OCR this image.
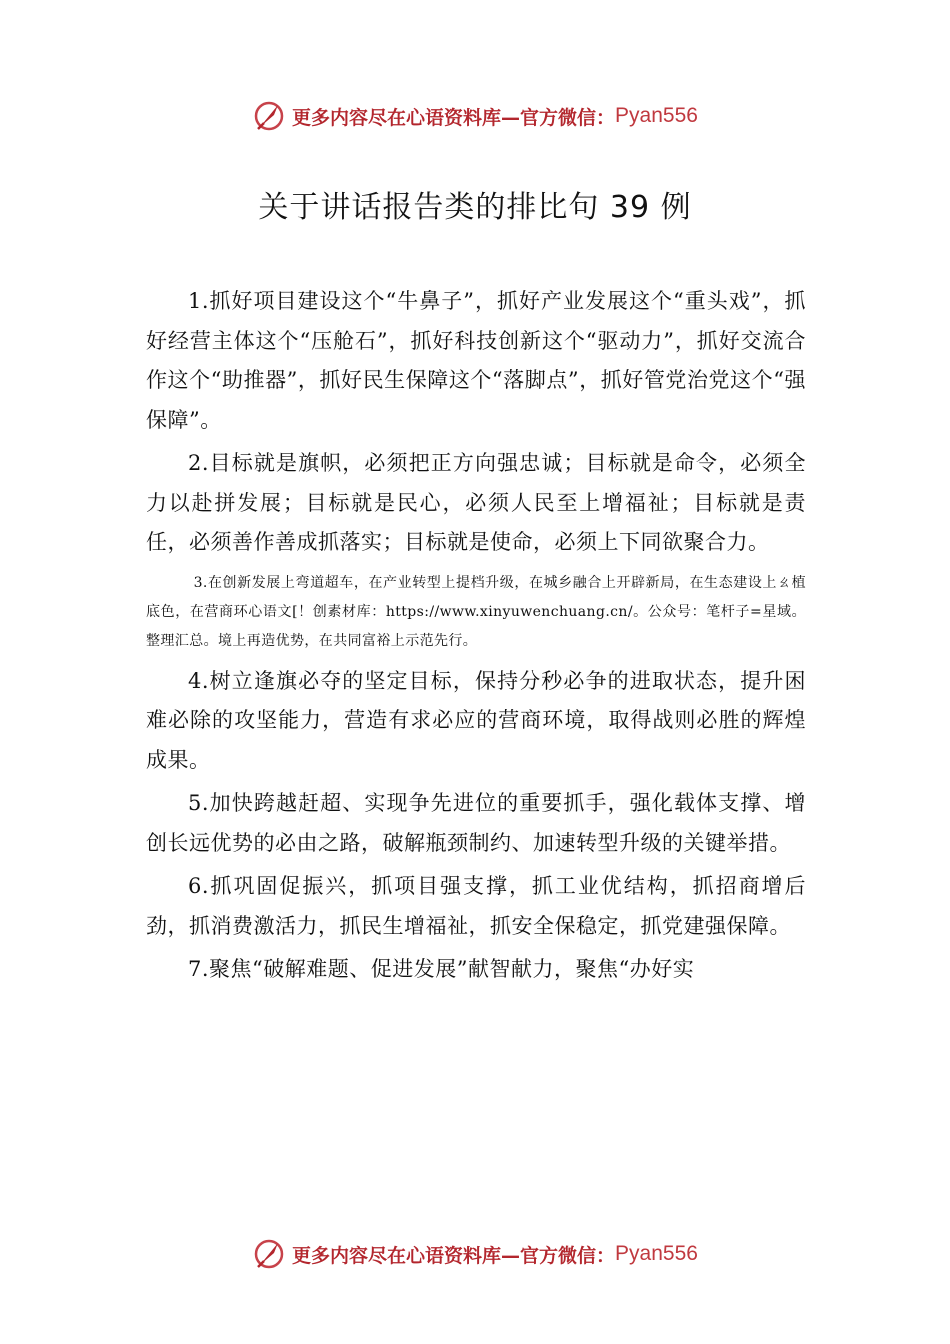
更多内容尽在心语资料库—官方微信： Pyan556
关于讲话报告类的排比句 39 例

1.抓好项目建设这个“牛鼻子”，抓好产业发展这个“重头戏”，抓好经营主体这个“压舱石”，抓好科技创新这个“驱动力”，抓好交流合作这个“助推器”，抓好民生保障这个“落脚点”，抓好管党治党这个“强保障”。

2.目标就是旗帜，必须把正方向强忠诚；目标就是命令，必须全力以赴拼发展；目标就是民心，必须人民至上增福祉；目标就是责任，必须善作善成抓落实；目标就是使命，必须上下同欲聚合力。

3.在创新发展上弯道超车，在产业转型上提档升级，在城乡融合上开辟新局，在生态建设上ㄠ植底色，在营商环心语文[！创素材库：https://www.xinyuwenchuang.cn/。公众号：笔杆子=星域。整理汇总。境上再造优势，在共同富裕上示范先行。

4.树立逢旗必夺的坚定目标，保持分秒必争的进取状态，提升困难必除的攻坚能力，营造有求必应的营商环境，取得战则必胜的辉煌成果。

5.加快跨越赶超、实现争先进位的重要抓手，强化载体支撑、增创长远优势的必由之路，破解瓶颈制约、加速转型升级的关键举措。

6.抓巩固促振兴，抓项目强支撑，抓工业优结构，抓招商增后劲，抓消费激活力，抓民生增福祉，抓安全保稳定，抓党建强保障。

7.聚焦“破解难题、促进发展”献智献力，聚焦“办好实

更多内容尽在心语资料库—官方微信： Pyan556
